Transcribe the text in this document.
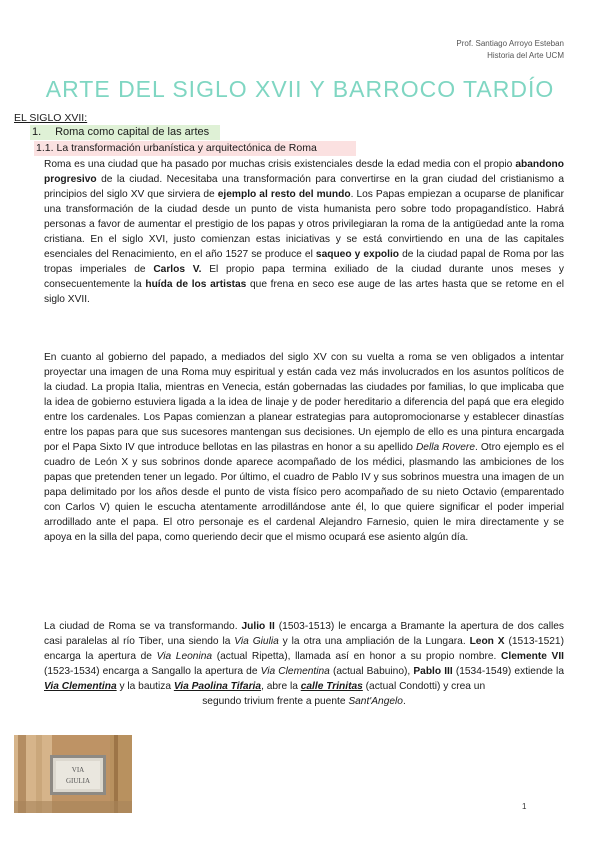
Prof. Santiago Arroyo Esteban
Historia del Arte UCM
ARTE DEL SIGLO XVII Y BARROCO TARDÍO
EL SIGLO XVII:
1. Roma como capital de las artes
1.1. La transformación urbanística y arquitectónica de Roma

Roma es una ciudad que ha pasado por muchas crisis existenciales desde la edad media con el propio abandono progresivo de la ciudad. Necesitaba una transformación para convertirse en la gran ciudad del cristianismo a principios del siglo XV que sirviera de ejemplo al resto del mundo. Los Papas empiezan a ocuparse de planificar una transformación de la ciudad desde un punto de vista humanista pero sobre todo propagandístico. Habrá personas a favor de aumentar el prestigio de los papas y otros privilegiaran la roma de la antigüedad ante la roma cristiana. En el siglo XVI, justo comienzan estas iniciativas y se está convirtiendo en una de las capitales esenciales del Renacimiento, en el año 1527 se produce el saqueo y expolio de la ciudad papal de Roma por las tropas imperiales de Carlos V. El propio papa termina exiliado de la ciudad durante unos meses y consecuentemente la huída de los artistas que frena en seco ese auge de las artes hasta que se retome en el siglo XVII.

En cuanto al gobierno del papado, a mediados del siglo XV con su vuelta a roma se ven obligados a intentar proyectar una imagen de una Roma muy espiritual y están cada vez más involucrados en los asuntos políticos de la ciudad. La propia Italia, mientras en Venecia, están gobernadas las ciudades por familias, lo que implicaba que la idea de gobierno estuviera ligada a la idea de linaje y de poder hereditario a diferencia del papá que era elegido entre los cardenales. Los Papas comienzan a planear estrategias para autopromocionarse y establecer dinastías entre los papas para que sus sucesores mantengan sus decisiones. Un ejemplo de ello es una pintura encargada por el Papa Sixto IV que introduce bellotas en las pilastras en honor a su apellido Della Rovere. Otro ejemplo es el cuadro de León X y sus sobrinos donde aparece acompañado de los médici, plasmando las ambiciones de los papas que pretenden tener un legado. Por último, el cuadro de Pablo IV y sus sobrinos muestra una imagen de un papa delimitado por los años desde el punto de vista físico pero acompañado de su nieto Octavio (emparentado con Carlos V) quien le escucha atentamente arrodillándose ante él, lo que quiere significar el poder imperial arrodillado ante el papa. El otro personaje es el cardenal Alejandro Farnesio, quien le mira directamente y se apoya en la silla del papa, como queriendo decir que el mismo ocupará ese asiento algún día.

La ciudad de Roma se va transformando. Julio II (1503-1513) le encarga a Bramante la apertura de dos calles casi paralelas al río Tiber, una siendo la Via Giulia y la otra una ampliación de la Lungara. Leon X (1513-1521) encarga la apertura de Via Leonina (actual Ripetta), llamada así en honor a su propio nombre. Clemente VII (1523-1534) encarga a Sangallo la apertura de Via Clementina (actual Babuino), Pablo III (1534-1549) extiende la Via Clementina y la bautiza Via Paolina Tifaria, abre la calle Trinitas (actual Condotti) y crea un

segundo trivium frente a puente Sant'Angelo.

VIA
GIULIA
1
